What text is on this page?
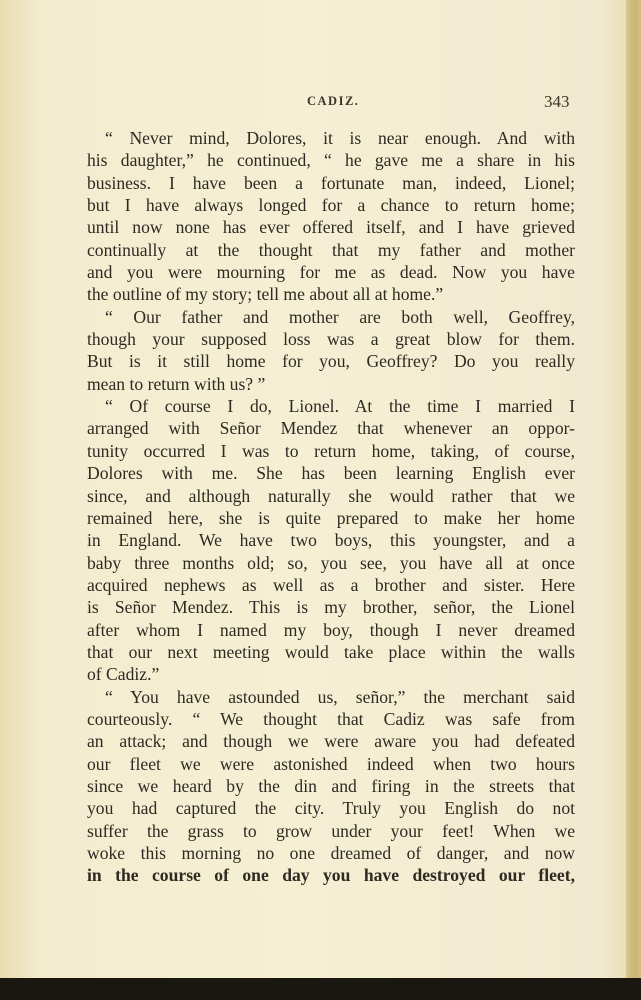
CADIZ.	343
“ Never mind, Dolores, it is near enough. And with
his daughter,” he continued, “ he gave me a share in his
business. I have been a fortunate man, indeed, Lionel;
but I have always longed for a chance to return home;
until now none has ever offered itself, and I have grieved
continually at the thought that my father and mother
and you were mourning for me as dead. Now you have
the outline of my story; tell me about all at home.”
“ Our father and mother are both well, Geoffrey,
though your supposed loss was a great blow for them.
But is it still home for you, Geoffrey? Do you really
mean to return with us? ”
“ Of course I do, Lionel. At the time I married I
arranged with Señor Mendez that whenever an oppor-
tunity occurred I was to return home, taking, of course,
Dolores with me. She has been learning English ever
since, and although naturally she would rather that we
remained here, she is quite prepared to make her home
in England. We have two boys, this youngster, and a
baby three months old; so, you see, you have all at once
acquired nephews as well as a brother and sister. Here
is Señor Mendez. This is my brother, señor, the Lionel
after whom I named my boy, though I never dreamed
that our next meeting would take place within the walls
of Cadiz.”
“ You have astounded us, señor,” the merchant said
courteously. “ We thought that Cadiz was safe from
an attack; and though we were aware you had defeated
our fleet we were astonished indeed when two hours
since we heard by the din and firing in the streets that
you had captured the city. Truly you English do not
suffer the grass to grow under your feet! When we
woke this morning no one dreamed of danger, and now
in the course of one day you have destroyed our fleet,
